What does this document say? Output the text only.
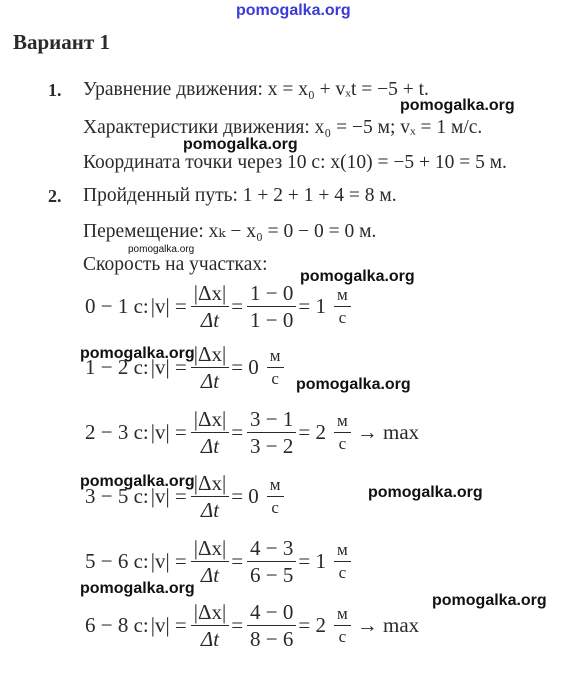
pomogalka.org
Вариант 1
1. Уравнение движения: x = x₀ + vₓt = −5 + t.
Характеристики движения: x₀ = −5 м; vₓ = 1 м/с.
Координата точки через 10 с: x(10) = −5 + 10 = 5 м.
2. Пройденный путь: 1 + 2 + 1 + 4 = 8 м.
Перемещение: xₖ − x₀ = 0 − 0 = 0 м.
Скорость на участках:
0 − 1 с: $|v| = \frac{|\Delta x|}{\Delta t} = \frac{1 - 0}{1 - 0} = 1$ м
с
1 − 2 с: $|v| = \frac{|\Delta x|}{\Delta t} = 0$ м
с
2 − 3 с: $|v| = \frac{|\Delta x|}{\Delta t} = \frac{3 - 1}{3 - 2} = 2$ м
с → max
3 − 5 с: $|v| = \frac{|\Delta x|}{\Delta t} = 0$ м
с
5 − 6 с: $|v| = \frac{|\Delta x|}{\Delta t} = \frac{4 - 3}{6 - 5} = 1$ м
с
6 − 8 с: $|v| = \frac{|\Delta x|}{\Delta t} = \frac{4 - 0}{8 - 6} = 2$ м
с → max
pomogalka.org
pomogalka.org
pomogalka.org
pomogalka.org
pomogalka.org
pomogalka.org
pomogalka.org
pomogalka.org
pomogalka.org
pomogalka.org
